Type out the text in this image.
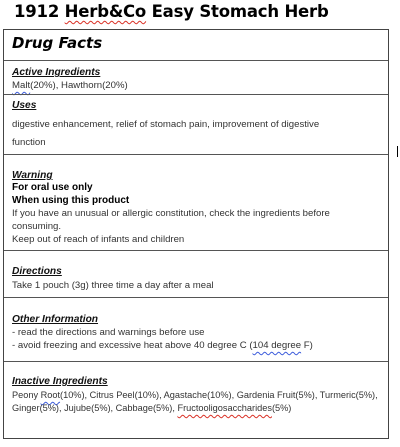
1912 Herb&Co Easy Stomach Herb
Drug Facts
Active Ingredients
Malt(20%), Hawthorn(20%)
Uses
digestive enhancement, relief of stomach pain, improvement of digestive
function
Warning
For oral use only
When using this product
If you have an unusual or allergic constitution, check the ingredients before
consuming.
Keep out of reach of infants and children
Directions
Take 1 pouch (3g) three time a day after a meal
Other Information
- read the directions and warnings before use
- avoid freezing and excessive heat above 40 degree C (104 degree F)
Inactive Ingredients
Peony Root(10%), Citrus Peel(10%), Agastache(10%), Gardenia Fruit(5%), Turmeric(5%),
Ginger(5%), Jujube(5%), Cabbage(5%), Fructooligosaccharides(5%)
